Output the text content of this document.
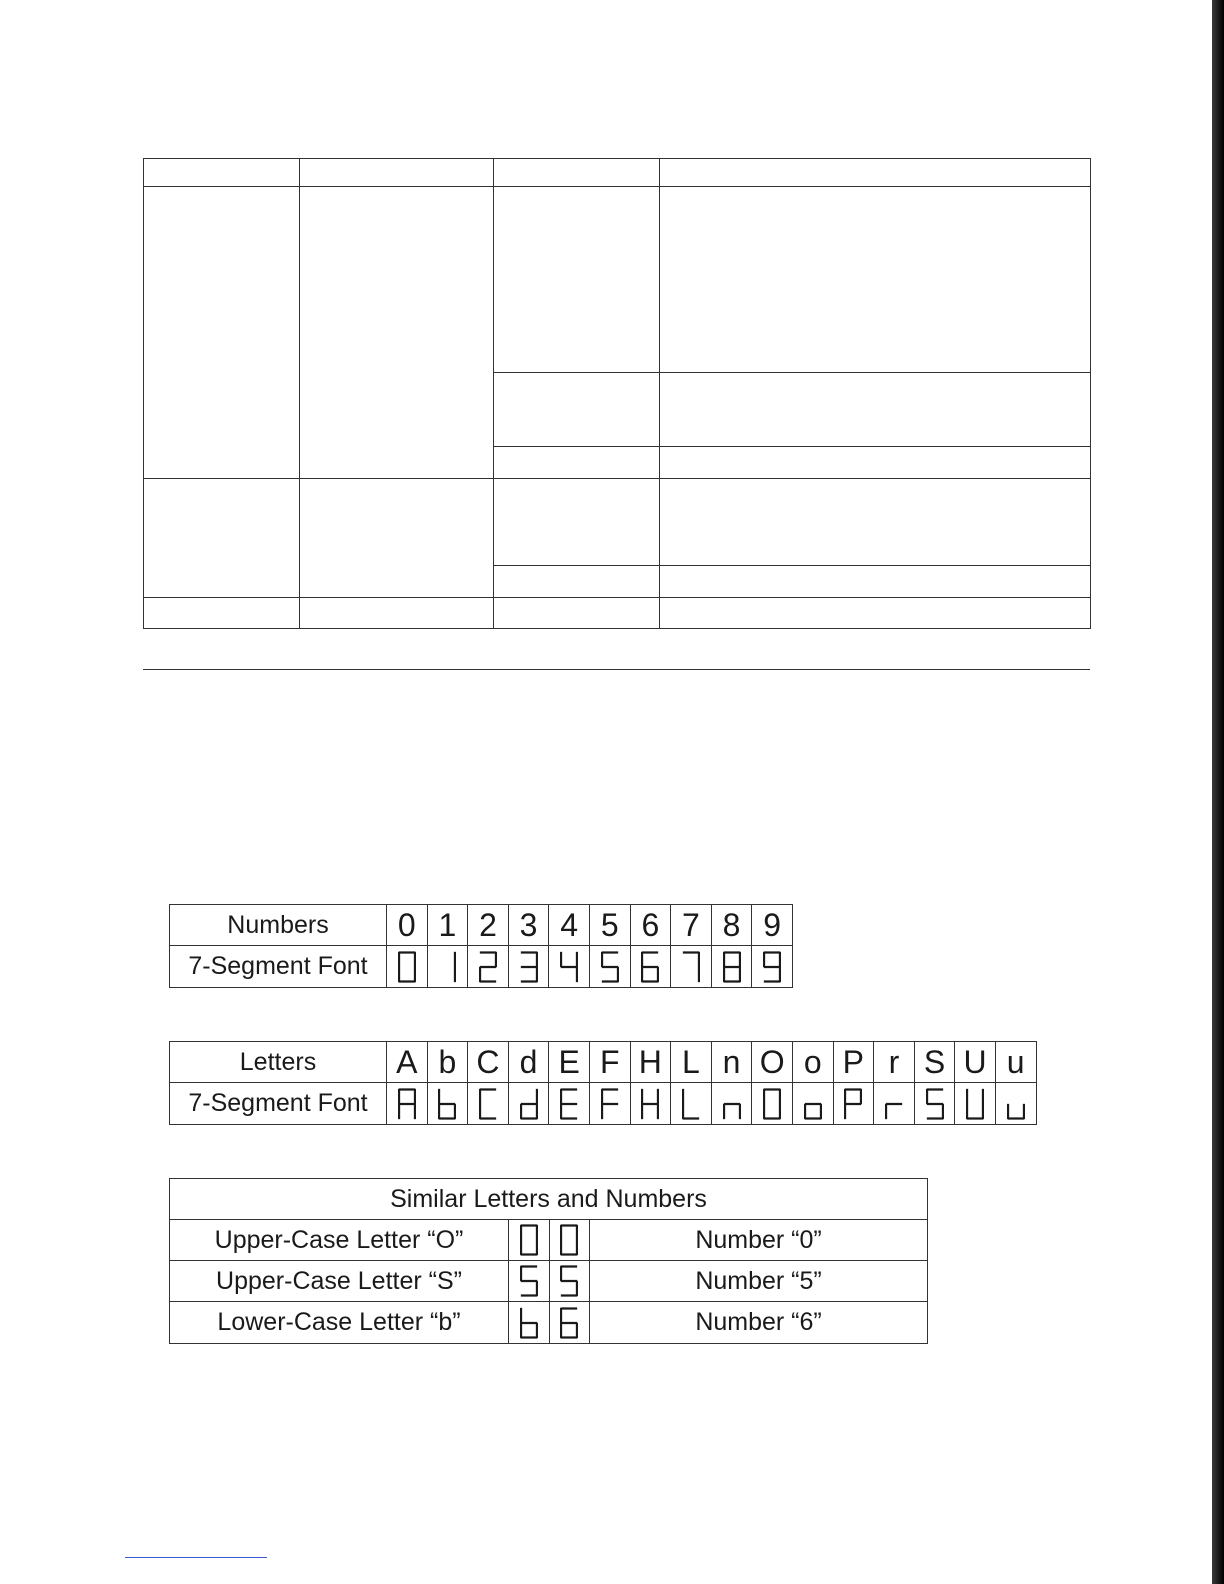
Numbers	0	1	2	3	4	5	6	7	8	9
7-Segment Font	

Letters	A	b	C	d	E	F	H	L	n	O	o	P	r	S	U	u
7-Segment Font	

Similar Letters and Numbers			
Upper-Case Letter “O”			Number “0”
Upper-Case Letter “S”			Number “5”
Lower-Case Letter “b”			Number “6”
